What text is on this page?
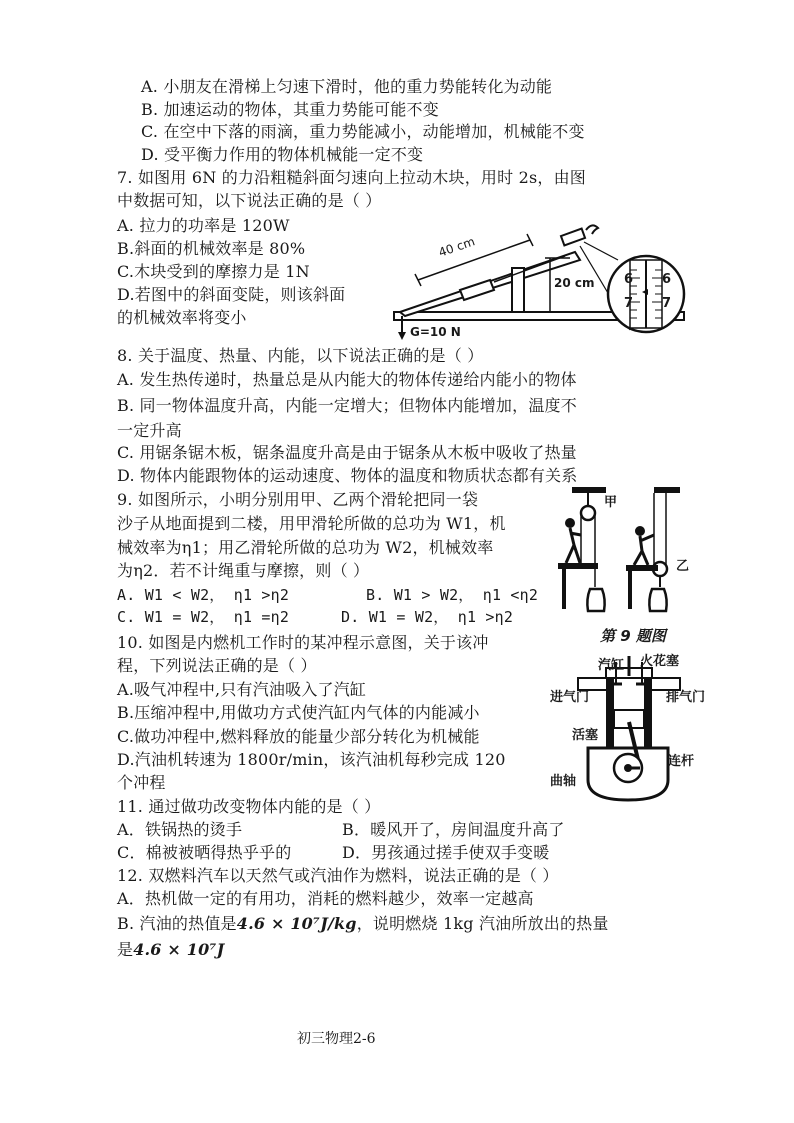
A. 小朋友在滑梯上匀速下滑时，他的重力势能转化为动能
B. 加速运动的物体，其重力势能可能不变
C. 在空中下落的雨滴，重力势能减小，动能增加，机械能不变
D. 受平衡力作用的物体机械能一定不变
7. 如图用 6N 的力沿粗糙斜面匀速向上拉动木块，用时 2s，由图
中数据可知，以下说法正确的是（ ）
A. 拉力的功率是 120W
B.斜面的机械效率是 80%
C.木块受到的摩擦力是 1N
D.若图中的斜面变陡，则该斜面
的机械效率将变小
40 cm
20 cm
G=10 N
6
7
6
7
8. 关于温度、热量、内能，以下说法正确的是（ ）
A. 发生热传递时，热量总是从内能大的物体传递给内能小的物体
B. 同一物体温度升高，内能一定增大；但物体内能增加，温度不
一定升高
C. 用锯条锯木板，锯条温度升高是由于锯条从木板中吸收了热量
D. 物体内能跟物体的运动速度、物体的温度和物质状态都有关系
9. 如图所示，小明分别用甲、乙两个滑轮把同一袋
沙子从地面提到二楼，用甲滑轮所做的总功为 W1，机
械效率为η1；用乙滑轮所做的总功为 W2，机械效率
为η2．若不计绳重与摩擦，则（ ）
A. W1 < W2， η1 >η2	B. W1 > W2， η1 <η2
C. W1 = W2， η1 =η2	D. W1 = W2， η1 >η2
甲
乙
第 9 题图
10. 如图是内燃机工作时的某冲程示意图，关于该冲
程，下列说法正确的是（ ）
A.吸气冲程中,只有汽油吸入了汽缸
B.压缩冲程中,用做功方式使汽缸内气体的内能减小
C.做功冲程中,燃料释放的能量少部分转化为机械能
D.汽油机转速为 1800r/min，该汽油机每秒完成 120
个冲程
汽缸 火花塞
进气门	排气门
活塞
连杆
曲轴
11. 通过做功改变物体内能的是（ ）
A．铁锅热的烫手	B．暖风开了，房间温度升高了
C．棉被被晒得热乎乎的	D．男孩通过搓手使双手变暖
12. 双燃料汽车以天然气或汽油作为燃料，说法正确的是（ ）
A．热机做一定的有用功，消耗的燃料越少，效率一定越高
B. 汽油的热值是4.6 × 10⁷J/kg，说明燃烧 1kg 汽油所放出的热量
是4.6 × 10⁷J
初三物理2-6
